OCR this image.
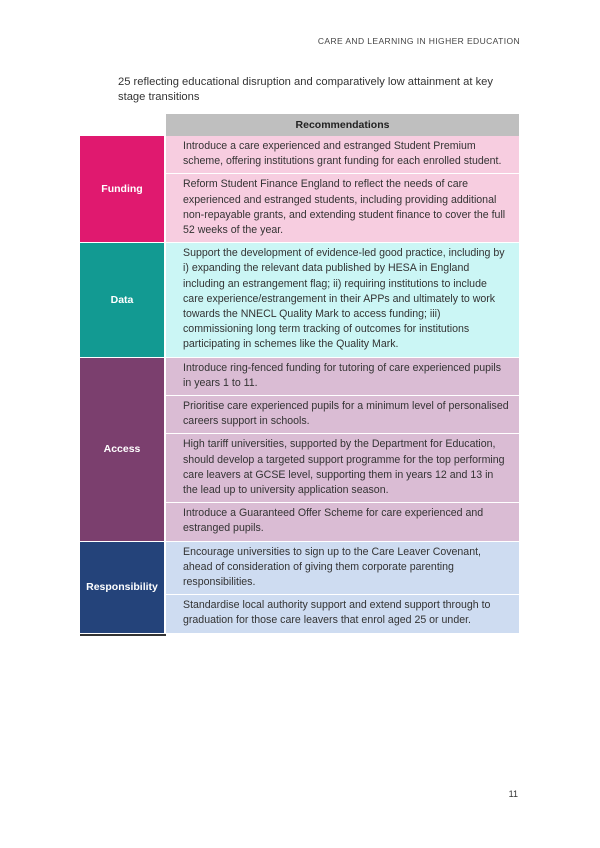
CARE AND LEARNING IN HIGHER EDUCATION

25 reflecting educational disruption and comparatively low attainment at key stage transitions

Recommendations
Funding
Introduce a care experienced and estranged Student Premium scheme, offering institutions grant funding for each enrolled student.
Reform Student Finance England to reflect the needs of care experienced and estranged students, including providing additional non-repayable grants, and extending student finance to cover the full 52 weeks of the year.
Data
Support the development of evidence-led good practice, including by i) expanding the relevant data published by HESA in England including an estrangement flag; ii) requiring institutions to include care experience/estrangement in their APPs and ultimately to work towards the NNECL Quality Mark to access funding; iii) commissioning long term tracking of outcomes for institutions participating in schemes like the Quality Mark.
Access
Introduce ring-fenced funding for tutoring of care experienced pupils in years 1 to 11.
Prioritise care experienced pupils for a minimum level of personalised careers support in schools.
High tariff universities, supported by the Department for Education, should develop a targeted support programme for the top performing care leavers at GCSE level, supporting them in years 12 and 13 in the lead up to university application season.
Introduce a Guaranteed Offer Scheme for care experienced and estranged pupils.
Responsibility
Encourage universities to sign up to the Care Leaver Covenant, ahead of consideration of giving them corporate parenting responsibilities.
Standardise local authority support and extend support through to graduation for those care leavers that enrol aged 25 or under.
11
